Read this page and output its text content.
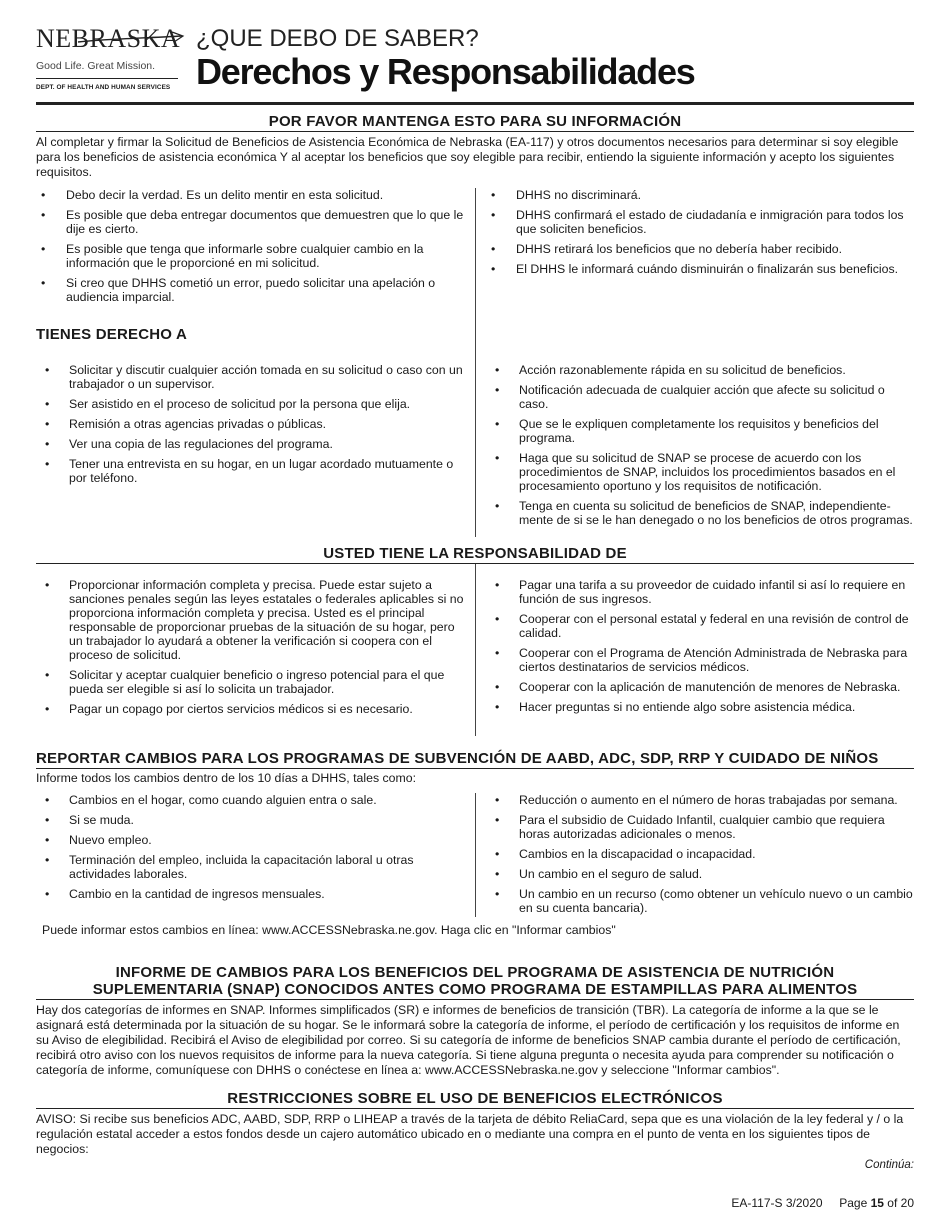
NEBRASKA
Good Life. Great Mission.
DEPT. OF HEALTH AND HUMAN SERVICES
¿QUE DEBO DE SABER?
Derechos y Responsabilidades
POR FAVOR MANTENGA ESTO PARA SU INFORMACIÓN

Al completar y firmar la Solicitud de Beneficios de Asistencia Económica de Nebraska (EA-117) y otros documentos necesarios para determinar si soy elegible para los beneficios de asistencia económica Y al aceptar los beneficios que soy elegible para recibir, entiendo la siguiente información y acepto los siguientes requisitos.

• Debo decir la verdad. Es un delito mentir en esta solicitud.
• Es posible que deba entregar documentos que demuestren que lo que le dije es cierto.
• Es posible que tenga que informarle sobre cualquier cambio en la información que le proporcioné en mi solicitud.
• Si creo que DHHS cometió un error, puedo solicitar una apelación o audiencia imparcial.
• DHHS no discriminará.
• DHHS confirmará el estado de ciudadanía e inmigración para todos los que soliciten beneficios.
• DHHS retirará los beneficios que no debería haber recibido.
• El DHHS le informará cuándo disminuirán o finalizarán sus beneficios.
TIENES DERECHO A
• Solicitar y discutir cualquier acción tomada en su solicitud o caso con un trabajador o un supervisor.
• Ser asistido en el proceso de solicitud por la persona que elija.
• Remisión a otras agencias privadas o públicas.
• Ver una copia de las regulaciones del programa.
• Tener una entrevista en su hogar, en un lugar acordado mutuamente o por teléfono.
• Acción razonablemente rápida en su solicitud de beneficios.
• Notificación adecuada de cualquier acción que afecte su solicitud o caso.
• Que se le expliquen completamente los requisitos y beneficios del programa.
• Haga que su solicitud de SNAP se procese de acuerdo con los procedimientos de SNAP, incluidos los procedimientos basados en el procesamiento oportuno y los requisitos de notificación.
• Tenga en cuenta su solicitud de beneficios de SNAP, independiente-mente de si se le han denegado o no los beneficios de otros programas.
USTED TIENE LA RESPONSABILIDAD DE
• Proporcionar información completa y precisa. Puede estar sujeto a sanciones penales según las leyes estatales o federales aplicables si no proporciona información completa y precisa. Usted es el principal responsable de proporcionar pruebas de la situación de su hogar, pero un trabajador lo ayudará a obtener la verificación si coopera con el proceso de solicitud.
• Solicitar y aceptar cualquier beneficio o ingreso potencial para el que pueda ser elegible si así lo solicita un trabajador.
• Pagar un copago por ciertos servicios médicos si es necesario.
• Pagar una tarifa a su proveedor de cuidado infantil si así lo requiere en función de sus ingresos.
• Cooperar con el personal estatal y federal en una revisión de control de calidad.
• Cooperar con el Programa de Atención Administrada de Nebraska para ciertos destinatarios de servicios médicos.
• Cooperar con la aplicación de manutención de menores de Nebraska.
• Hacer preguntas si no entiende algo sobre asistencia médica.
REPORTAR CAMBIOS PARA LOS PROGRAMAS DE SUBVENCIÓN DE AABD, ADC, SDP, RRP Y CUIDADO DE NIÑOS

Informe todos los cambios dentro de los 10 días a DHHS, tales como:

• Cambios en el hogar, como cuando alguien entra o sale.
• Si se muda.
• Nuevo empleo.
• Terminación del empleo, incluida la capacitación laboral u otras actividades laborales.
• Cambio en la cantidad de ingresos mensuales.
• Reducción o aumento en el número de horas trabajadas por semana.
• Para el subsidio de Cuidado Infantil, cualquier cambio que requiera horas autorizadas adicionales o menos.
• Cambios en la discapacidad o incapacidad.
• Un cambio en el seguro de salud.
• Un cambio en un recurso (como obtener un vehículo nuevo o un cambio en su cuenta bancaria).

Puede informar estos cambios en línea: www.ACCESSNebraska.ne.gov. Haga clic en "Informar cambios"

INFORME DE CAMBIOS PARA LOS BENEFICIOS DEL PROGRAMA DE ASISTENCIA DE NUTRICIÓN
SUPLEMENTARIA (SNAP) CONOCIDOS ANTES COMO PROGRAMA DE ESTAMPILLAS PARA ALIMENTOS

Hay dos categorías de informes en SNAP. Informes simplificados (SR) e informes de beneficios de transición (TBR). La categoría de informe a la que se le asignará está determinada por la situación de su hogar. Se le informará sobre la categoría de informe, el período de certificación y los requisitos de informe en su Aviso de elegibilidad. Recibirá el Aviso de elegibilidad por correo. Si su categoría de informe de beneficios SNAP cambia durante el período de certificación, recibirá otro aviso con los nuevos requisitos de informe para la nueva categoría. Si tiene alguna pregunta o necesita ayuda para comprender su notificación o categoría de informe, comuníquese con DHHS o conéctese en línea a: www.ACCESSNebraska.ne.gov y seleccione "Informar cambios".

RESTRICCIONES SOBRE EL USO DE BENEFICIOS ELECTRÓNICOS

AVISO: Si recibe sus beneficios ADC, AABD, SDP, RRP o LIHEAP a través de la tarjeta de débito ReliaCard, sepa que es una violación de la ley federal y / o la regulación estatal acceder a estos fondos desde un cajero automático ubicado en o mediante una compra en el punto de venta en los siguientes tipos de negocios:

Continúa:
EA-117-S 3/2020 Page 15 of 20
